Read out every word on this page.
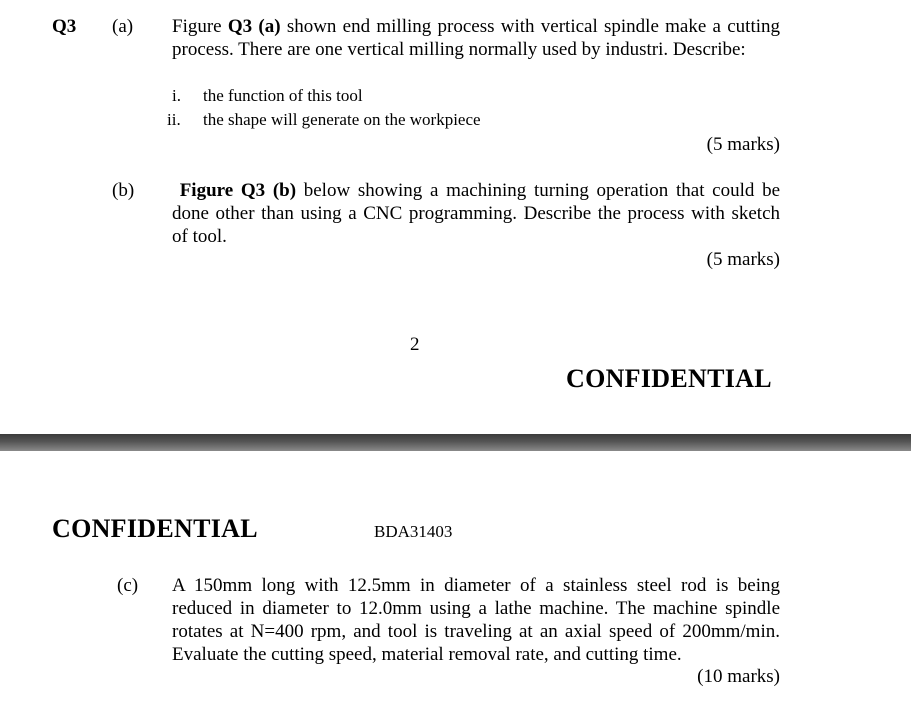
Q3 (a) Figure Q3 (a) shown end milling process with vertical spindle make a cutting process. There are one vertical milling normally used by industri. Describe:
i. the function of this tool
ii. the shape will generate on the workpiece
(5 marks)
(b)	Figure Q3 (b) below showing a machining turning operation that could be done other than using a CNC programming. Describe the process with sketch of tool.
(5 marks)
2
CONFIDENTIAL
CONFIDENTIAL	BDA31403
(c) A 150mm long with 12.5mm in diameter of a stainless steel rod is being reduced in diameter to 12.0mm using a lathe machine. The machine spindle rotates at N=400 rpm, and tool is traveling at an axial speed of 200mm/min. Evaluate the cutting speed, material removal rate, and cutting time.
(10 marks)
